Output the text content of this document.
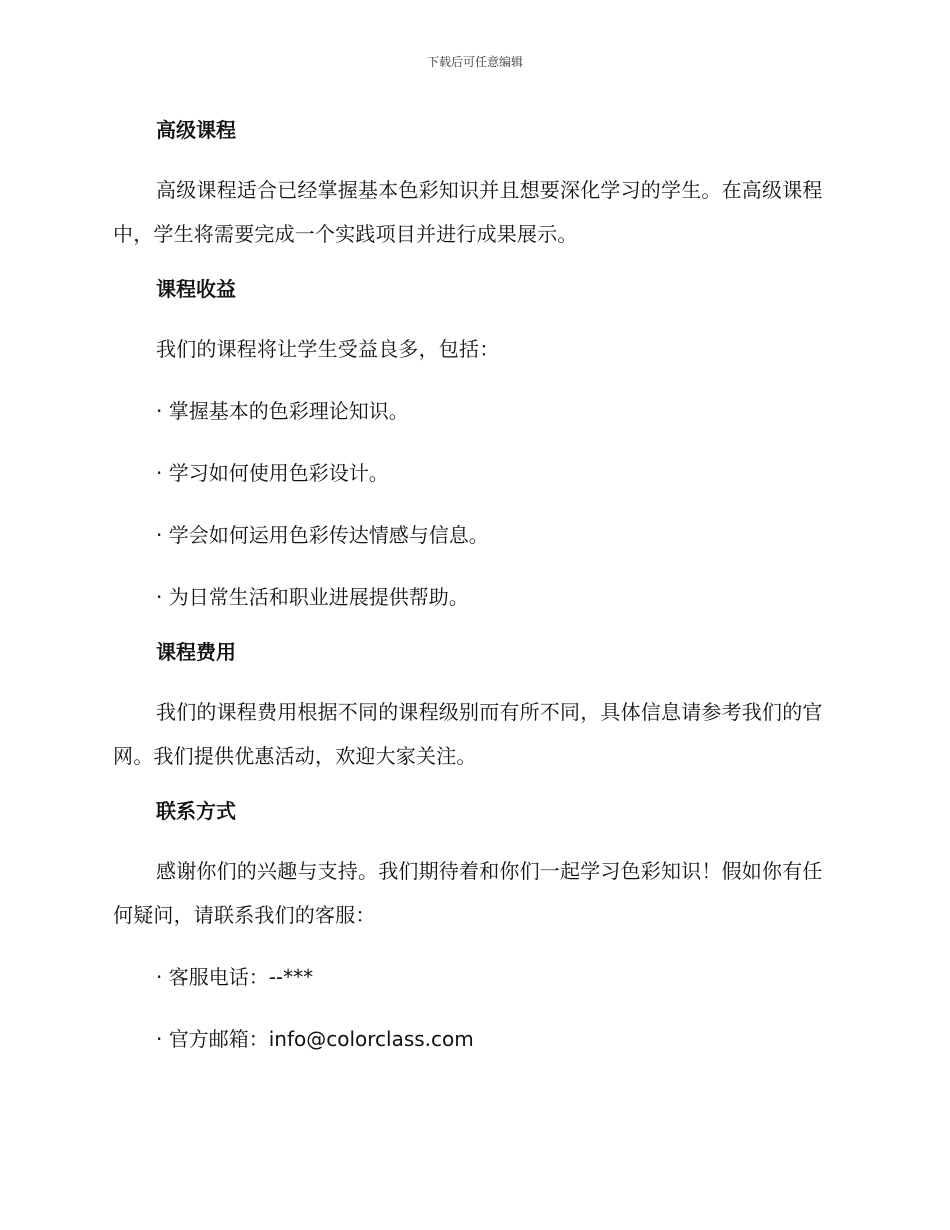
下载后可任意编辑
高级课程

高级课程适合已经掌握基本色彩知识并且想要深化学习的学生。在高级课程中，学生将需要完成一个实践项目并进行成果展示。

课程收益

我们的课程将让学生受益良多，包括：

· 掌握基本的色彩理论知识。
· 学习如何使用色彩设计。
· 学会如何运用色彩传达情感与信息。
· 为日常生活和职业进展提供帮助。
课程费用

我们的课程费用根据不同的课程级别而有所不同，具体信息请参考我们的官网。我们提供优惠活动，欢迎大家关注。

联系方式

感谢你们的兴趣与支持。我们期待着和你们一起学习色彩知识！假如你有任何疑问，请联系我们的客服：

· 客服电话：--***
· 官方邮箱：info@colorclass.com
